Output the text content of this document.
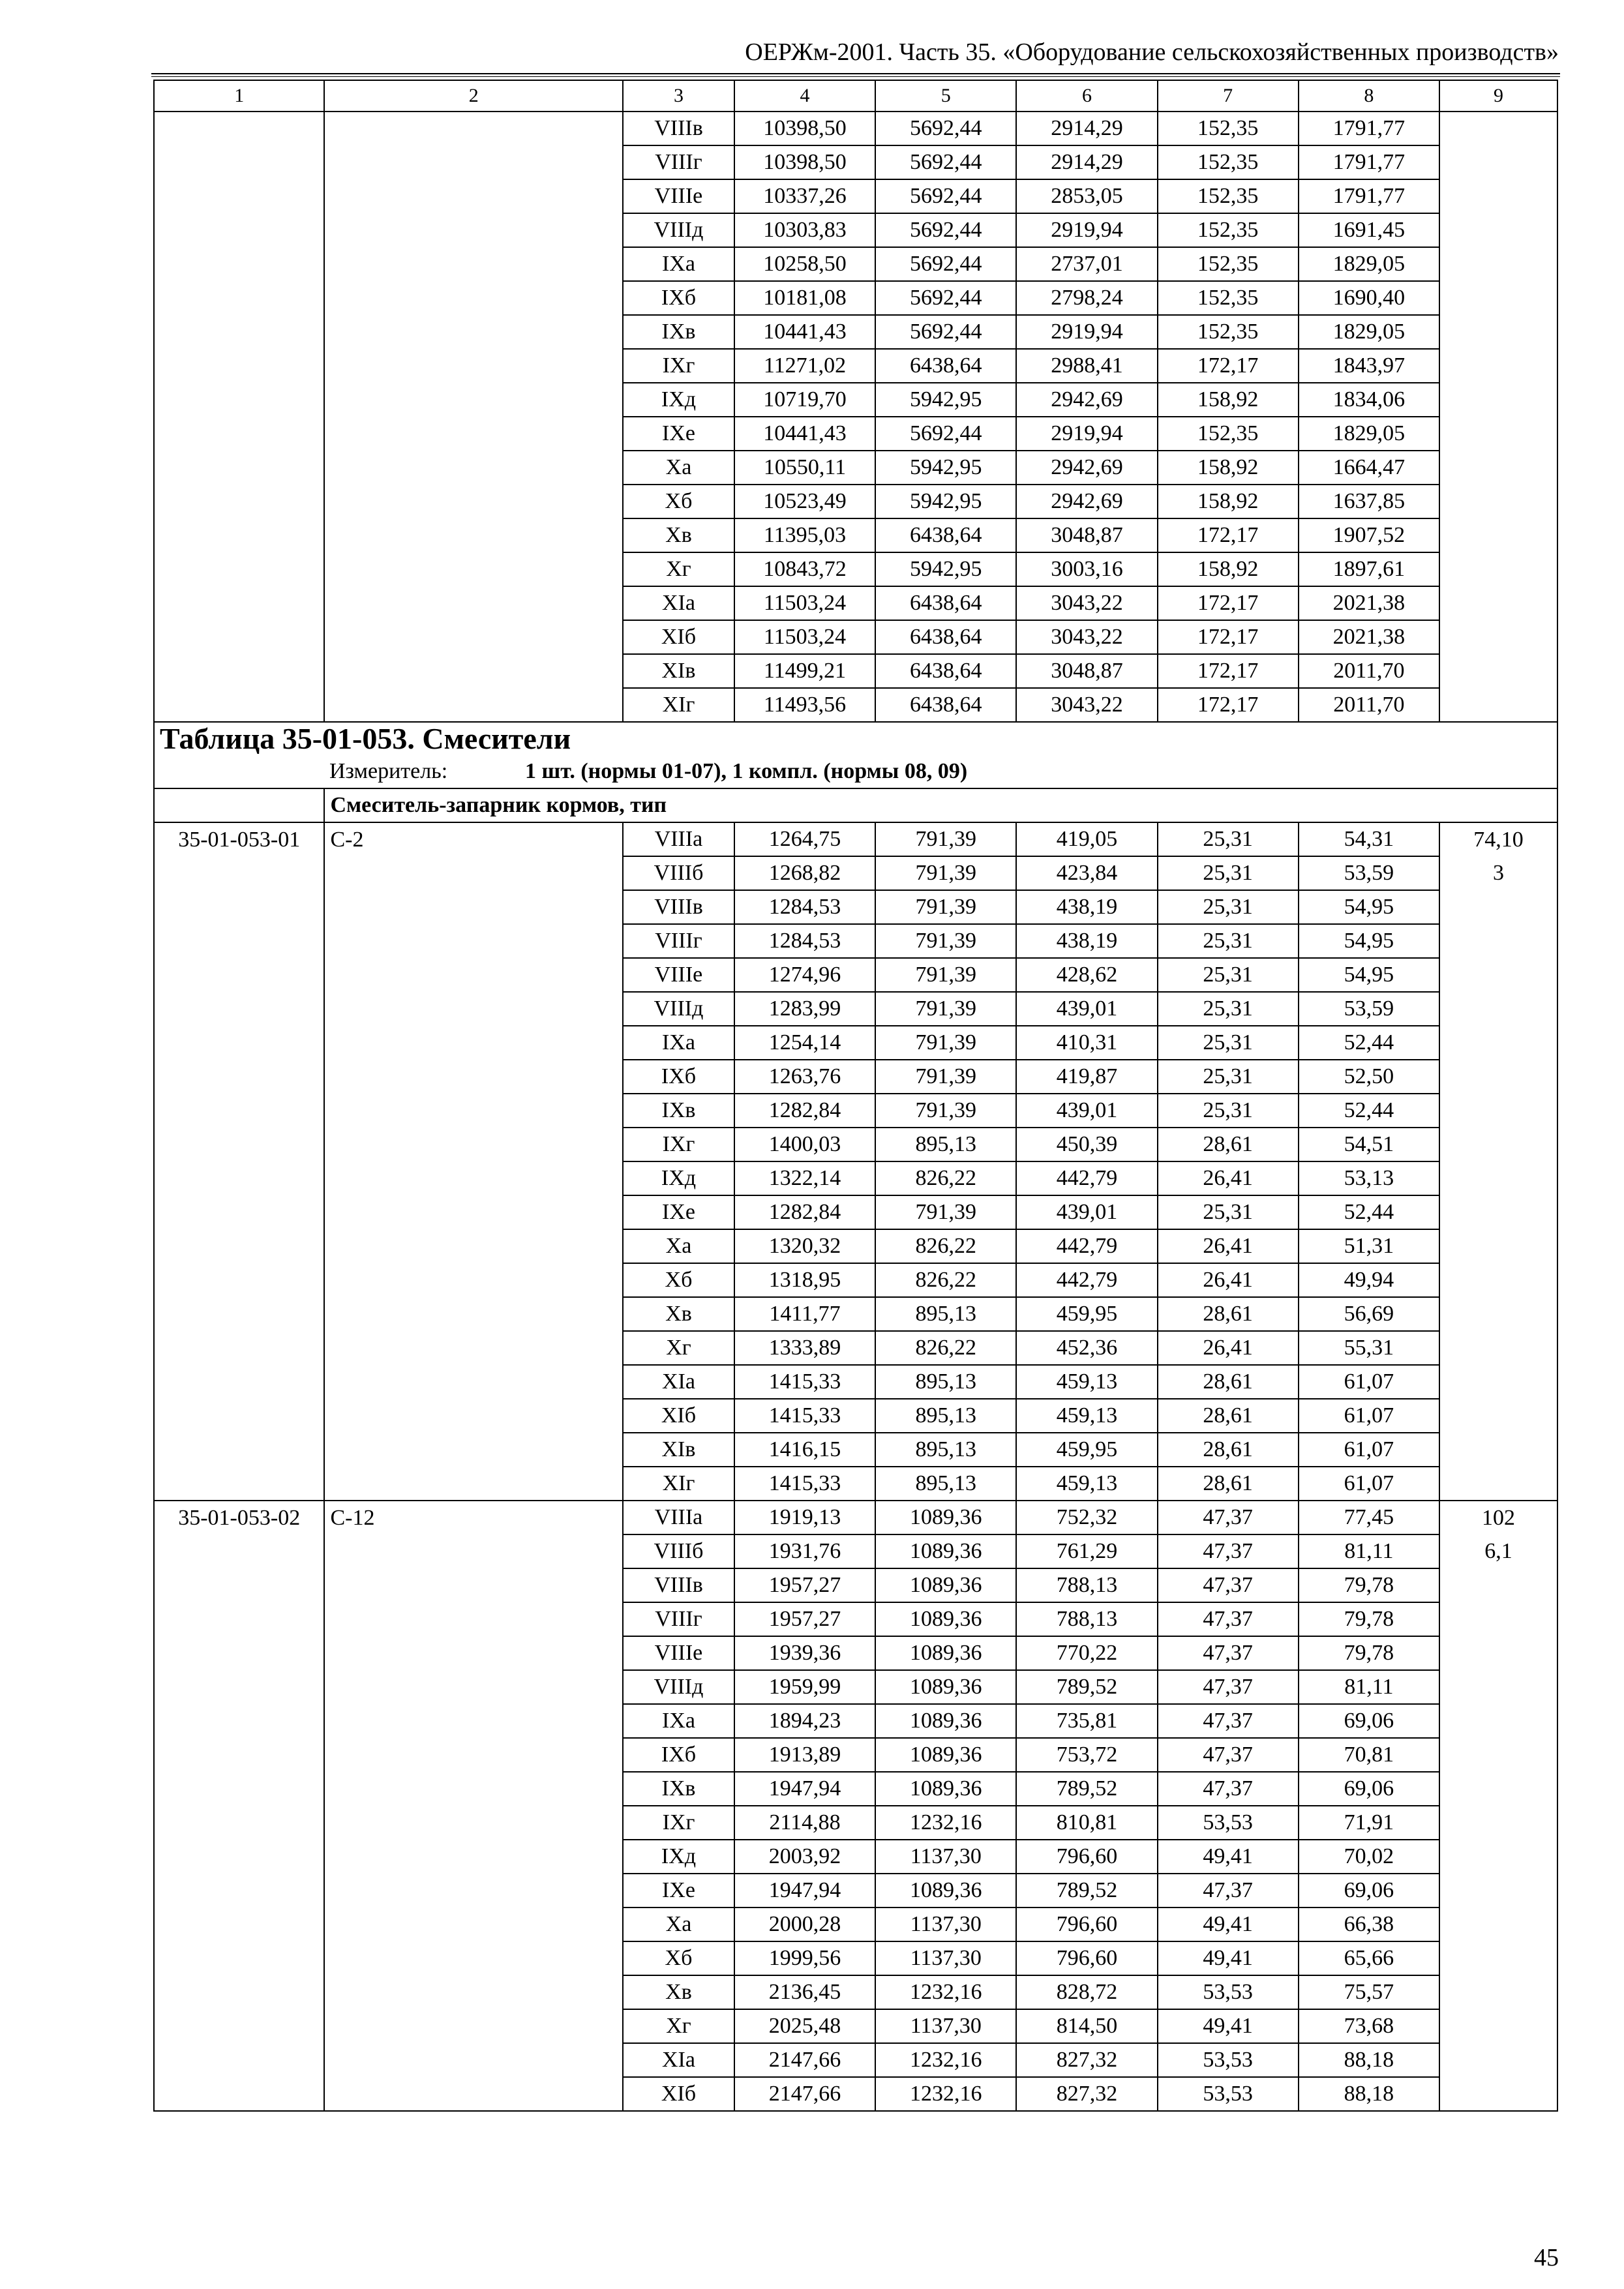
ОЕРЖм-2001. Часть 35. «Оборудование сельскохозяйственных производств»
1	2	3	4	5	6	7	8	9
		VIIIв	10398,50	5692,44	2914,29	152,35	1791,77	
		VIIIг	10398,50	5692,44	2914,29	152,35	1791,77	
		VIIIе	10337,26	5692,44	2853,05	152,35	1791,77	
		VIIIд	10303,83	5692,44	2919,94	152,35	1691,45	
		IXа	10258,50	5692,44	2737,01	152,35	1829,05	
		IXб	10181,08	5692,44	2798,24	152,35	1690,40	
		IXв	10441,43	5692,44	2919,94	152,35	1829,05	
		IXг	11271,02	6438,64	2988,41	172,17	1843,97	
		IXд	10719,70	5942,95	2942,69	158,92	1834,06	
		IXе	10441,43	5692,44	2919,94	152,35	1829,05	
		Xа	10550,11	5942,95	2942,69	158,92	1664,47	
		Xб	10523,49	5942,95	2942,69	158,92	1637,85	
		Xв	11395,03	6438,64	3048,87	172,17	1907,52	
		Xг	10843,72	5942,95	3003,16	158,92	1897,61	
		XIа	11503,24	6438,64	3043,22	172,17	2021,38	
		XIб	11503,24	6438,64	3043,22	172,17	2021,38	
		XIв	11499,21	6438,64	3048,87	172,17	2011,70	
		XIг	11493,56	6438,64	3043,22	172,17	2011,70	
Таблица 35-01-053. Смесители								
Измеритель: 1 шт. (нормы 01-07), 1 компл. (нормы 08, 09)								
	Смеситель-запарник кормов, тип							
35-01-053-01	С-2	VIIIа	1264,75	791,39	419,05	25,31	54,31	74,10
		VIIIб	1268,82	791,39	423,84	25,31	53,59	3
		VIIIв	1284,53	791,39	438,19	25,31	54,95	
		VIIIг	1284,53	791,39	438,19	25,31	54,95	
		VIIIе	1274,96	791,39	428,62	25,31	54,95	
		VIIIд	1283,99	791,39	439,01	25,31	53,59	
		IXа	1254,14	791,39	410,31	25,31	52,44	
		IXб	1263,76	791,39	419,87	25,31	52,50	
		IXв	1282,84	791,39	439,01	25,31	52,44	
		IXг	1400,03	895,13	450,39	28,61	54,51	
		IXд	1322,14	826,22	442,79	26,41	53,13	
		IXе	1282,84	791,39	439,01	25,31	52,44	
		Xа	1320,32	826,22	442,79	26,41	51,31	
		Xб	1318,95	826,22	442,79	26,41	49,94	
		Xв	1411,77	895,13	459,95	28,61	56,69	
		Xг	1333,89	826,22	452,36	26,41	55,31	
		XIа	1415,33	895,13	459,13	28,61	61,07	
		XIб	1415,33	895,13	459,13	28,61	61,07	
		XIв	1416,15	895,13	459,95	28,61	61,07	
		XIг	1415,33	895,13	459,13	28,61	61,07	
35-01-053-02	С-12	VIIIа	1919,13	1089,36	752,32	47,37	77,45	102
		VIIIб	1931,76	1089,36	761,29	47,37	81,11	6,1
		VIIIв	1957,27	1089,36	788,13	47,37	79,78	
		VIIIг	1957,27	1089,36	788,13	47,37	79,78	
		VIIIе	1939,36	1089,36	770,22	47,37	79,78	
		VIIIд	1959,99	1089,36	789,52	47,37	81,11	
		IXа	1894,23	1089,36	735,81	47,37	69,06	
		IXб	1913,89	1089,36	753,72	47,37	70,81	
		IXв	1947,94	1089,36	789,52	47,37	69,06	
		IXг	2114,88	1232,16	810,81	53,53	71,91	
		IXд	2003,92	1137,30	796,60	49,41	70,02	
		IXе	1947,94	1089,36	789,52	47,37	69,06	
		Xа	2000,28	1137,30	796,60	49,41	66,38	
		Xб	1999,56	1137,30	796,60	49,41	65,66	
		Xв	2136,45	1232,16	828,72	53,53	75,57	
		Xг	2025,48	1137,30	814,50	49,41	73,68	
		XIа	2147,66	1232,16	827,32	53,53	88,18	
		XIб	2147,66	1232,16	827,32	53,53	88,18	
45
